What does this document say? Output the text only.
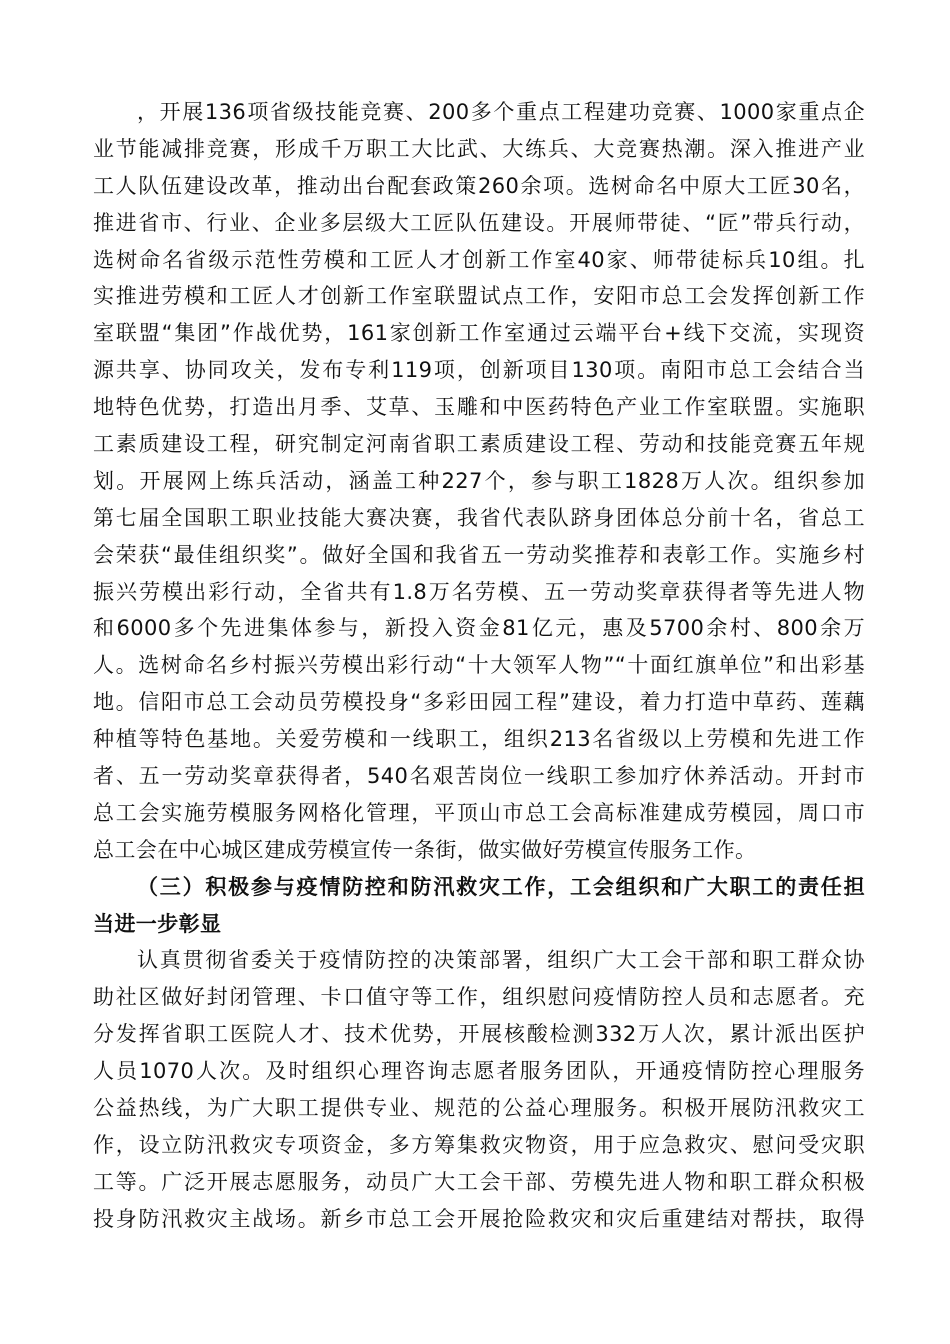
，开展136项省级技能竞赛、200多个重点工程建功竞赛、1000家重点企
业节能减排竞赛，形成千万职工大比武、大练兵、大竞赛热潮。深入推进产业
工人队伍建设改革，推动出台配套政策260余项。选树命名中原大工匠30名，
推进省市、行业、企业多层级大工匠队伍建设。开展师带徒、“匠”带兵行动，
选树命名省级示范性劳模和工匠人才创新工作室40家、师带徒标兵10组。扎
实推进劳模和工匠人才创新工作室联盟试点工作，安阳市总工会发挥创新工作
室联盟“集团”作战优势，161家创新工作室通过云端平台+线下交流，实现资
源共享、协同攻关，发布专利119项，创新项目130项。南阳市总工会结合当
地特色优势，打造出月季、艾草、玉雕和中医药特色产业工作室联盟。实施职
工素质建设工程，研究制定河南省职工素质建设工程、劳动和技能竞赛五年规
划。开展网上练兵活动，涵盖工种227个，参与职工1828万人次。组织参加
第七届全国职工职业技能大赛决赛，我省代表队跻身团体总分前十名，省总工
会荣获“最佳组织奖”。做好全国和我省五一劳动奖推荐和表彰工作。实施乡村
振兴劳模出彩行动，全省共有1.8万名劳模、五一劳动奖章获得者等先进人物
和6000多个先进集体参与，新投入资金81亿元，惠及5700余村、800余万
人。选树命名乡村振兴劳模出彩行动“十大领军人物”“十面红旗单位”和出彩基
地。信阳市总工会动员劳模投身“多彩田园工程”建设，着力打造中草药、莲藕
种植等特色基地。关爱劳模和一线职工，组织213名省级以上劳模和先进工作
者、五一劳动奖章获得者，540名艰苦岗位一线职工参加疗休养活动。开封市
总工会实施劳模服务网格化管理，平顶山市总工会高标准建成劳模园，周口市
总工会在中心城区建成劳模宣传一条街，做实做好劳模宣传服务工作。
（三）积极参与疫情防控和防汛救灾工作，工会组织和广大职工的责任担
当进一步彰显
认真贯彻省委关于疫情防控的决策部署，组织广大工会干部和职工群众协
助社区做好封闭管理、卡口值守等工作，组织慰问疫情防控人员和志愿者。充
分发挥省职工医院人才、技术优势，开展核酸检测332万人次，累计派出医护
人员1070人次。及时组织心理咨询志愿者服务团队，开通疫情防控心理服务
公益热线，为广大职工提供专业、规范的公益心理服务。积极开展防汛救灾工
作，设立防汛救灾专项资金，多方筹集救灾物资，用于应急救灾、慰问受灾职
工等。广泛开展志愿服务，动员广大工会干部、劳模先进人物和职工群众积极
投身防汛救灾主战场。新乡市总工会开展抢险救灾和灾后重建结对帮扶，取得
